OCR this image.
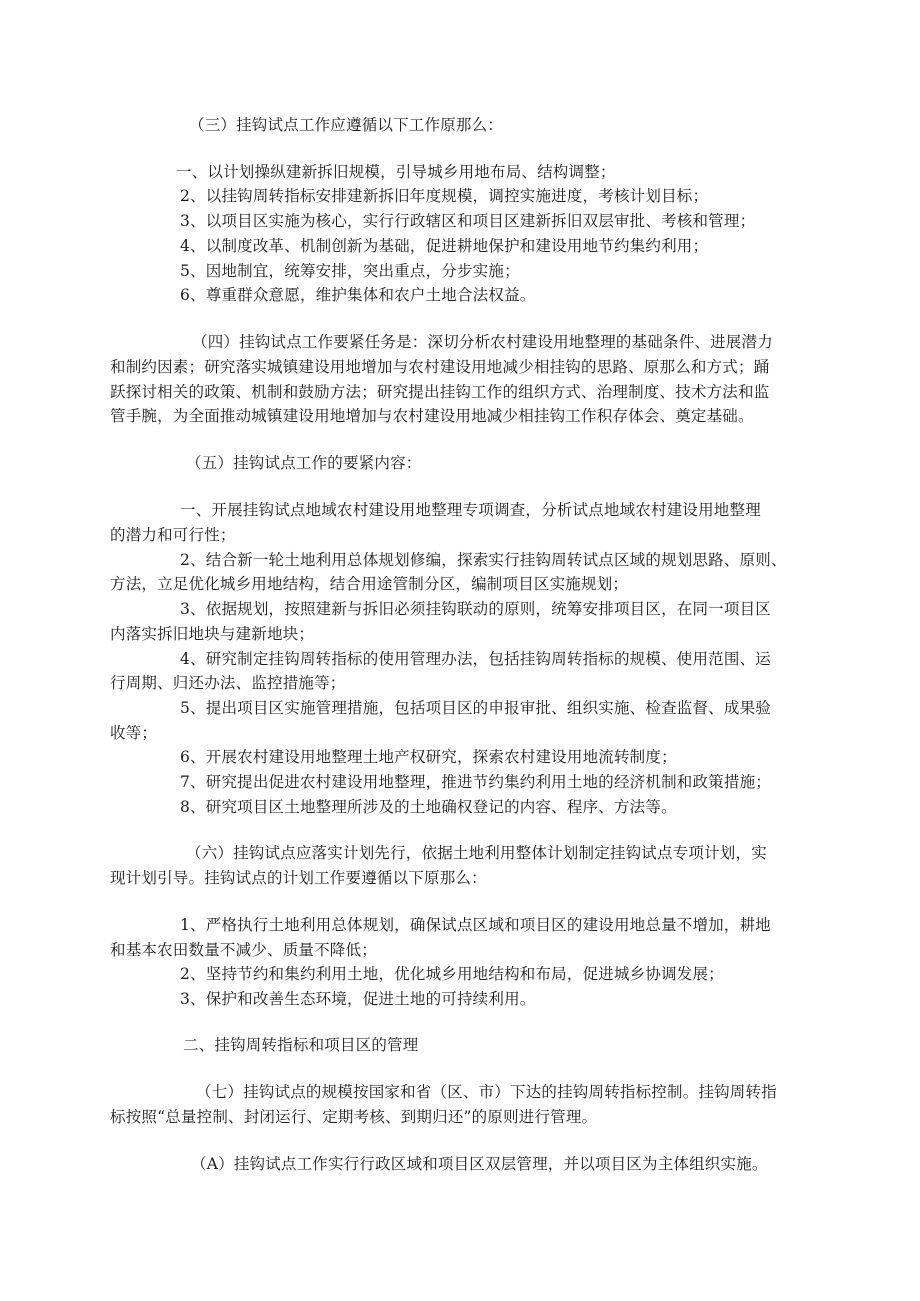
（三）挂钩试点工作应遵循以下工作原那么：
一、以计划操纵建新拆旧规模，引导城乡用地布局、结构调整；
2、以挂钩周转指标安排建新拆旧年度规模，调控实施进度，考核计划目标；
3、以项目区实施为核心，实行行政辖区和项目区建新拆旧双层审批、考核和管理；
4、以制度改革、机制创新为基础，促进耕地保护和建设用地节约集约利用；
5、因地制宜，统筹安排，突出重点，分步实施；
6、尊重群众意愿，维护集体和农户土地合法权益。
（四）挂钩试点工作要紧任务是：深切分析农村建设用地整理的基础条件、进展潜力
和制约因素；研究落实城镇建设用地增加与农村建设用地减少相挂钩的思路、原那么和方式；踊
跃探讨相关的政策、机制和鼓励方法；研究提出挂钩工作的组织方式、治理制度、技术方法和监
管手腕，为全面推动城镇建设用地增加与农村建设用地减少相挂钩工作积存体会、奠定基础。
（五）挂钩试点工作的要紧内容：
一、开展挂钩试点地域农村建设用地整理专项调查，分析试点地域农村建设用地整理
的潜力和可行性；
2、结合新一轮土地利用总体规划修编，探索实行挂钩周转试点区域的规划思路、原则、
方法，立足优化城乡用地结构，结合用途管制分区，编制项目区实施规划；
3、依据规划，按照建新与拆旧必须挂钩联动的原则，统筹安排项目区，在同一项目区
内落实拆旧地块与建新地块；
4、研究制定挂钩周转指标的使用管理办法，包括挂钩周转指标的规模、使用范围、运
行周期、归还办法、监控措施等；
5、提出项目区实施管理措施，包括项目区的申报审批、组织实施、检查监督、成果验
收等；
6、开展农村建设用地整理土地产权研究，探索农村建设用地流转制度；
7、研究提出促进农村建设用地整理，推进节约集约利用土地的经济机制和政策措施；
8、研究项目区土地整理所涉及的土地确权登记的内容、程序、方法等。
（六）挂钩试点应落实计划先行，依据土地利用整体计划制定挂钩试点专项计划，实
现计划引导。挂钩试点的计划工作要遵循以下原那么：
1、严格执行土地利用总体规划，确保试点区域和项目区的建设用地总量不增加，耕地
和基本农田数量不减少、质量不降低；
2、坚持节约和集约利用土地，优化城乡用地结构和布局，促进城乡协调发展；
3、保护和改善生态环境，促进土地的可持续利用。
二、挂钩周转指标和项目区的管理
（七）挂钩试点的规模按国家和省（区、市）下达的挂钩周转指标控制。挂钩周转指
标按照“总量控制、封闭运行、定期考核、到期归还”的原则进行管理。
（A）挂钩试点工作实行行政区域和项目区双层管理，并以项目区为主体组织实施。
